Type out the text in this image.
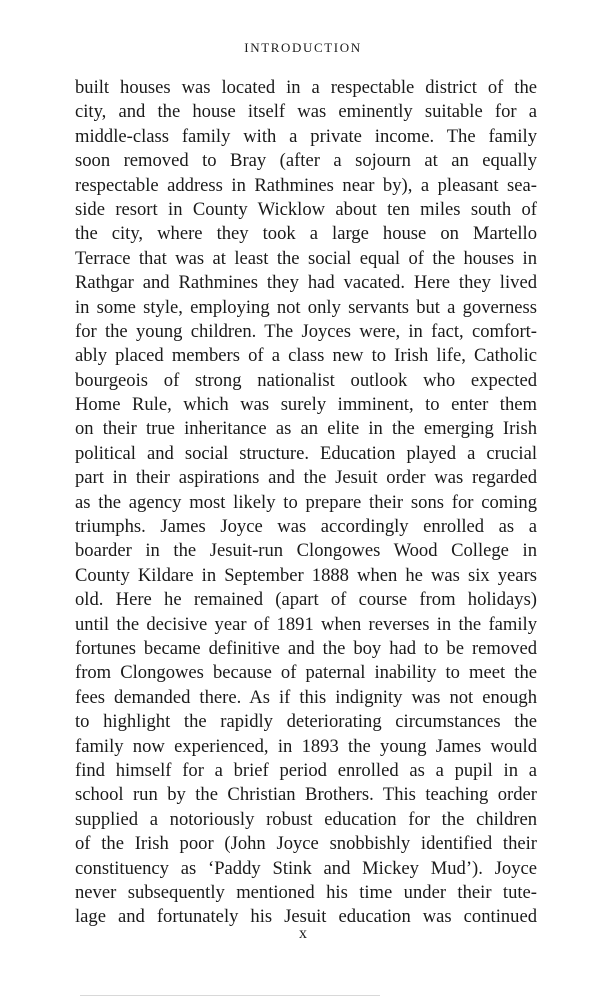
INTRODUCTION
built houses was located in a respectable district of the
city, and the house itself was eminently suitable for a
middle-class family with a private income. The family
soon removed to Bray (after a sojourn at an equally
respectable address in Rathmines near by), a pleasant sea-
side resort in County Wicklow about ten miles south of
the city, where they took a large house on Martello
Terrace that was at least the social equal of the houses in
Rathgar and Rathmines they had vacated. Here they lived
in some style, employing not only servants but a governess
for the young children. The Joyces were, in fact, comfort-
ably placed members of a class new to Irish life, Catholic
bourgeois of strong nationalist outlook who expected
Home Rule, which was surely imminent, to enter them
on their true inheritance as an elite in the emerging Irish
political and social structure. Education played a crucial
part in their aspirations and the Jesuit order was regarded
as the agency most likely to prepare their sons for coming
triumphs. James Joyce was accordingly enrolled as a
boarder in the Jesuit-run Clongowes Wood College in
County Kildare in September 1888 when he was six years
old. Here he remained (apart of course from holidays)
until the decisive year of 1891 when reverses in the family
fortunes became definitive and the boy had to be removed
from Clongowes because of paternal inability to meet the
fees demanded there. As if this indignity was not enough
to highlight the rapidly deteriorating circumstances the
family now experienced, in 1893 the young James would
find himself for a brief period enrolled as a pupil in a
school run by the Christian Brothers. This teaching order
supplied a notoriously robust education for the children
of the Irish poor (John Joyce snobbishly identified their
constituency as ‘Paddy Stink and Mickey Mud’). Joyce
never subsequently mentioned his time under their tute-
lage and fortunately his Jesuit education was continued
x
